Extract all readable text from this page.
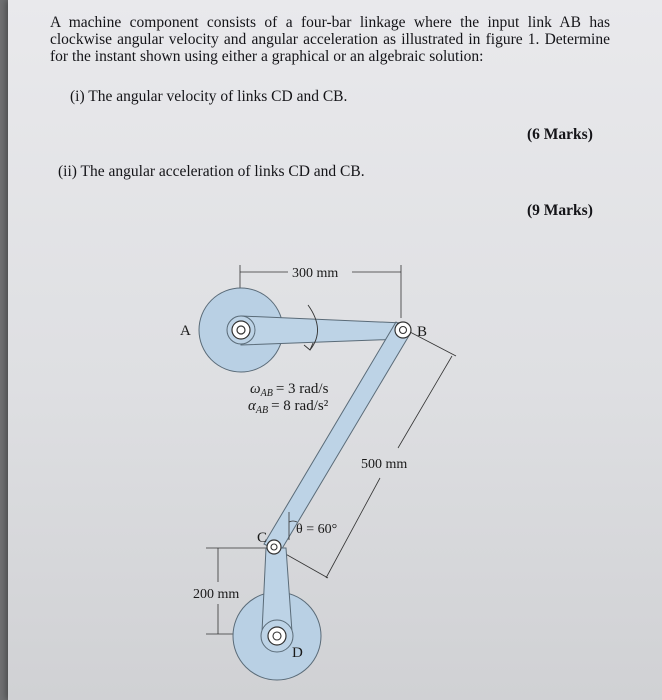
A machine component consists of a four-bar linkage where the input link AB has clockwise angular velocity and angular acceleration as illustrated in figure 1. Determine for the instant shown using either a graphical or an algebraic solution:
(i) The angular velocity of links CD and CB.
(6 Marks)
(ii) The angular acceleration of links CD and CB.
(9 Marks)
300 mm
A
500 mm
B
ωAB = 3 rad/s
αAB = 8 rad/s²
θ = 60°
200 mm
C
D
